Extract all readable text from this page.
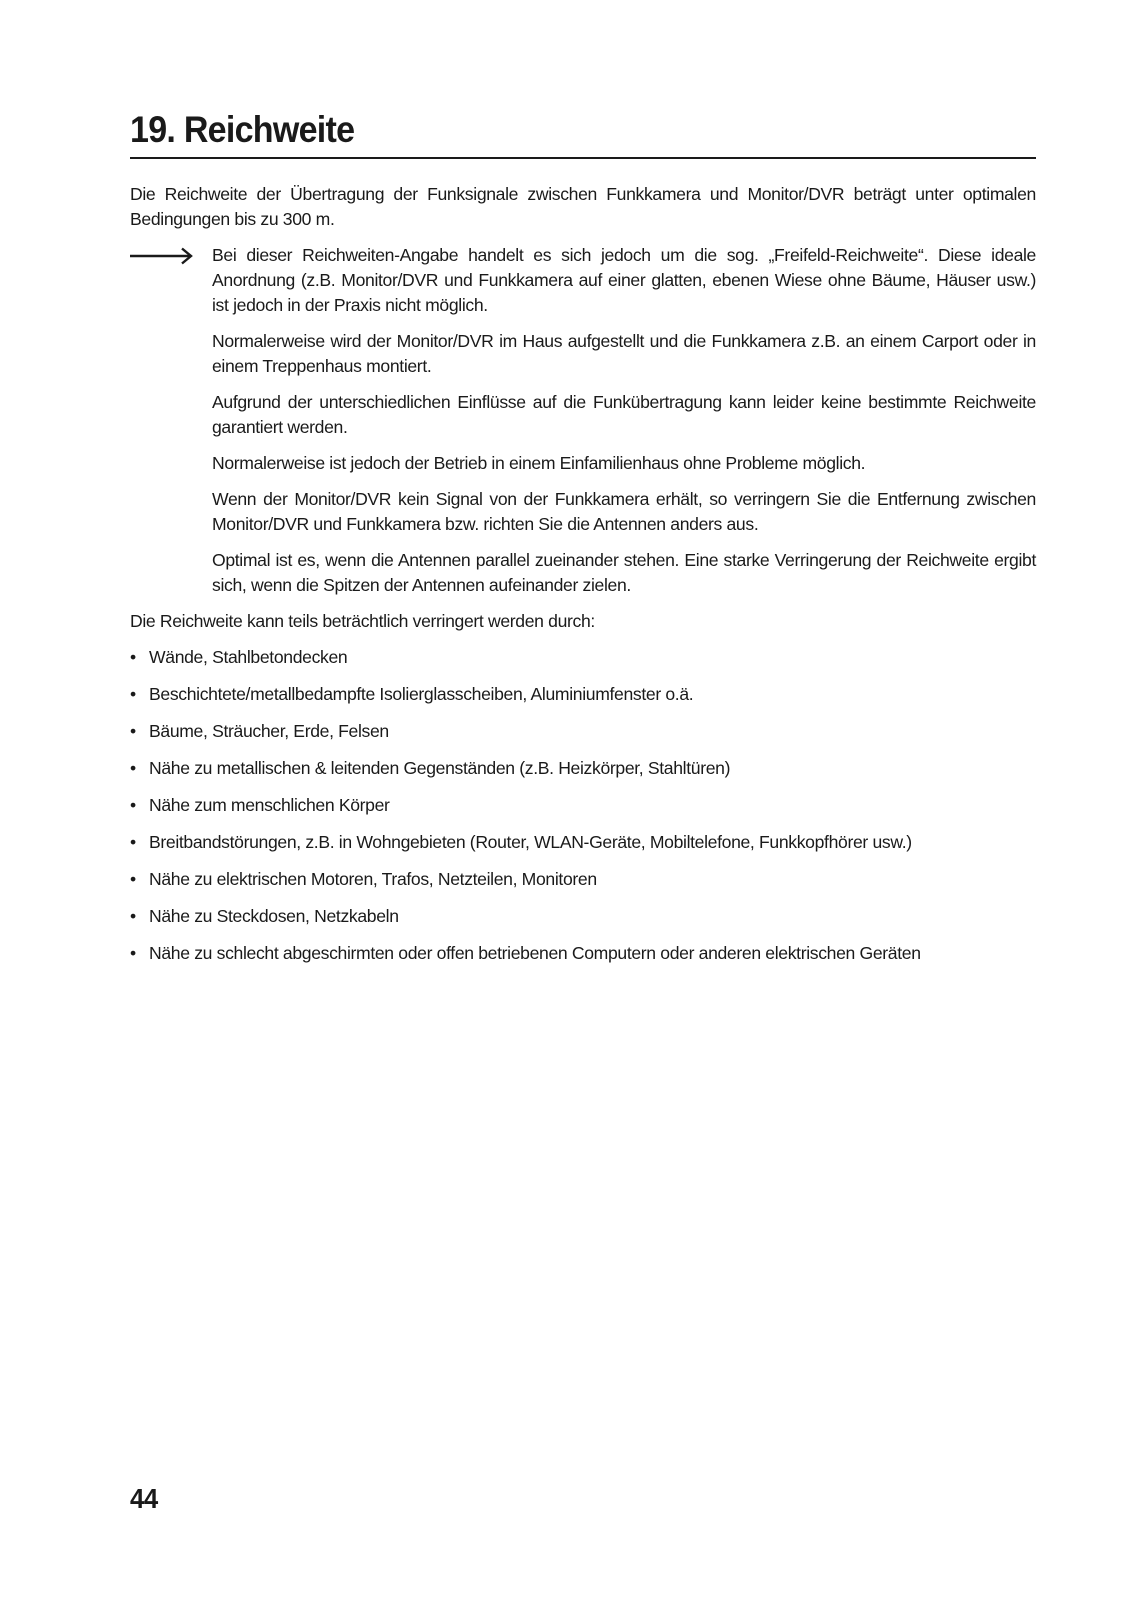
19. Reichweite

Die Reichweite der Übertragung der Funksignale zwischen Funkkamera und Monitor/DVR beträgt unter optimalen Bedingungen bis zu 300 m.

Bei dieser Reichweiten-Angabe handelt es sich jedoch um die sog. „Freifeld-Reichweite“. Diese ideale Anordnung (z.B. Monitor/DVR und Funkkamera auf einer glatten, ebenen Wiese ohne Bäume, Häuser usw.) ist jedoch in der Praxis nicht möglich.

Normalerweise wird der Monitor/DVR im Haus aufgestellt und die Funkkamera z.B. an einem Carport oder in einem Treppenhaus montiert.

Aufgrund der unterschiedlichen Einflüsse auf die Funkübertragung kann leider keine bestimmte Reichweite garantiert werden.

Normalerweise ist jedoch der Betrieb in einem Einfamilienhaus ohne Probleme möglich.

Wenn der Monitor/DVR kein Signal von der Funkkamera erhält, so verringern Sie die Entfernung zwischen Monitor/DVR und Funkkamera bzw. richten Sie die Antennen anders aus.

Optimal ist es, wenn die Antennen parallel zueinander stehen. Eine starke Verringerung der Reichweite ergibt sich, wenn die Spitzen der Antennen aufeinander zielen.

Die Reichweite kann teils beträchtlich verringert werden durch:

• Wände, Stahlbetondecken
• Beschichtete/metallbedampfte Isolierglasscheiben, Aluminiumfenster o.ä.
• Bäume, Sträucher, Erde, Felsen
• Nähe zu metallischen & leitenden Gegenständen (z.B. Heizkörper, Stahltüren)
• Nähe zum menschlichen Körper
• Breitbandstörungen, z.B. in Wohngebieten (Router, WLAN-Geräte, Mobiltelefone, Funkkopfhörer usw.)
• Nähe zu elektrischen Motoren, Trafos, Netzteilen, Monitoren
• Nähe zu Steckdosen, Netzkabeln
• Nähe zu schlecht abgeschirmten oder offen betriebenen Computern oder anderen elektrischen Geräten
44
